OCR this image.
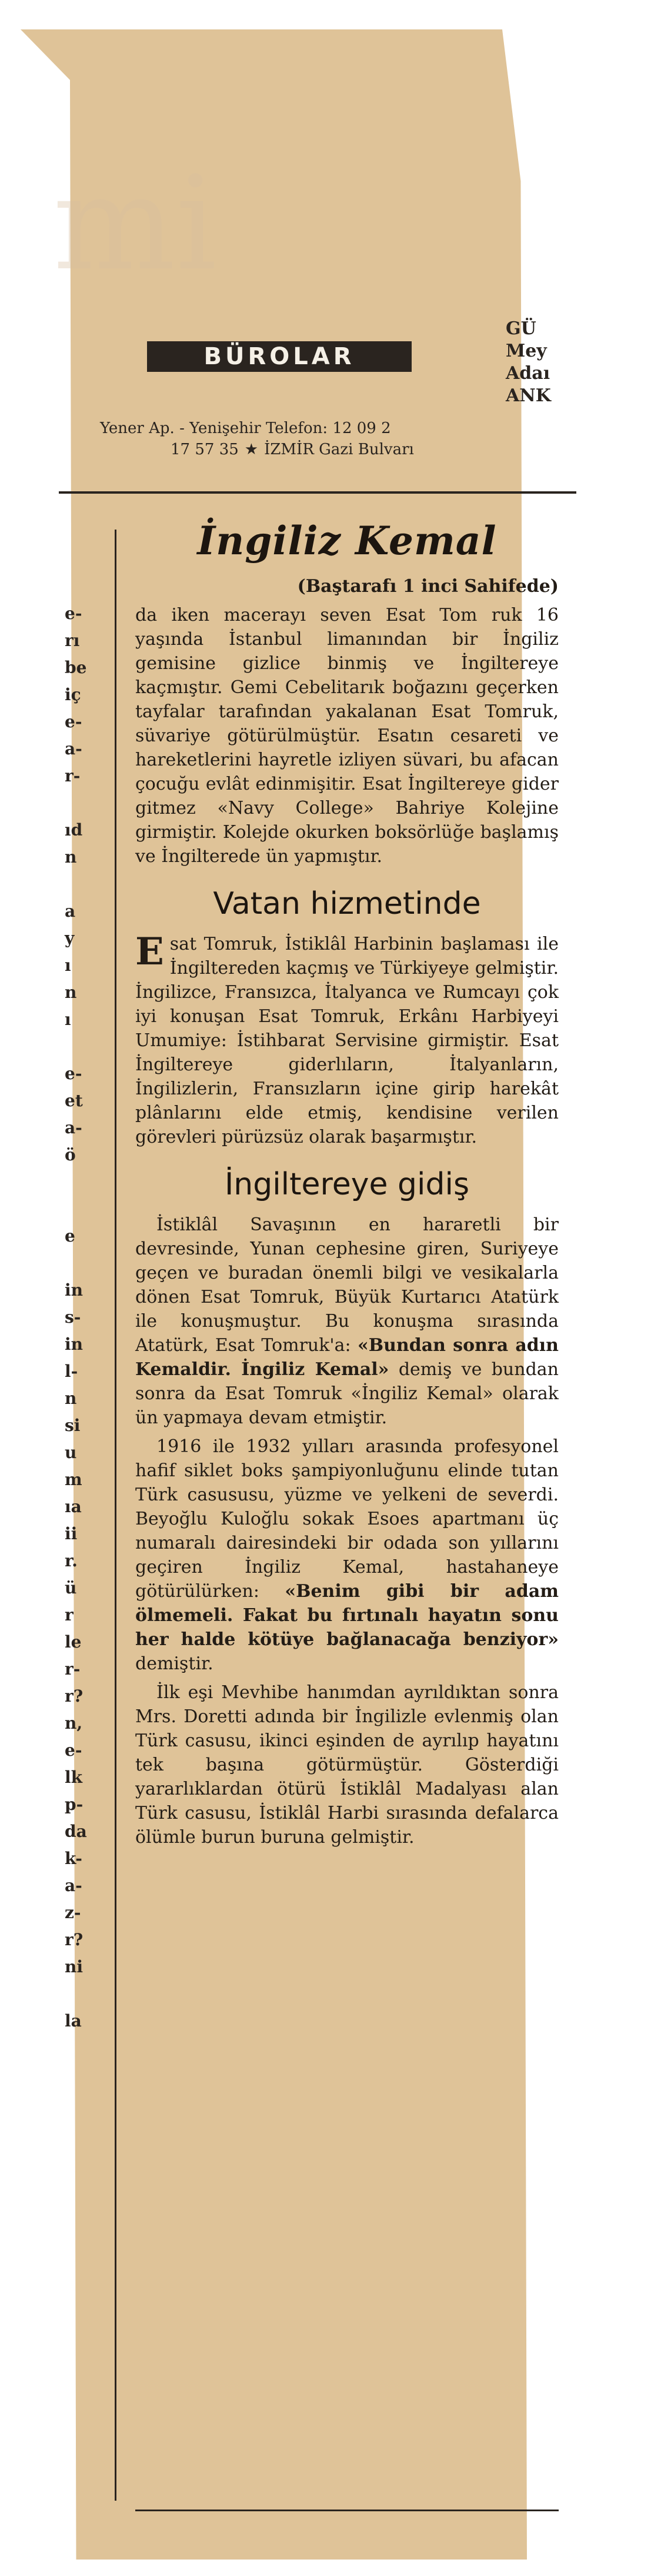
mi
BÜROLAR
GÜ
Mey
Adaı
ANK
Yener Ap. - Yenişehir Telefon: 12 09 2
17 57 35 ★ İZMİR Gazi Bulvarı
e-
rı
be
iç
e-
a-
r-

ıd
n

a
y
ı
n
ı

e-
et
a-
ö

e

in
s-
in
l-
n
si
u
m
ıa
ii
r.
ü
r
le
r-
r?
n,
e-
lk
p-
da
k-
a-
z-
r?
ni

la
İngiliz Kemal
(Baştarafı 1 inci Sahifede)

da iken macerayı seven Esat Tom ruk 16 yaşında İstanbul limanından bir İngiliz gemisine gizlice binmiş ve İngiltereye kaçmıştır. Gemi Cebelitarık boğazını geçerken tayfalar tarafından yakalanan Esat Tomruk, süvariye götürülmüştür. Esatın cesareti ve hareketlerini hayretle izliyen süvari, bu afacan çocuğu evlât edinmişitir. Esat İngiltereye gider gitmez «Navy College» Bahriye Kolejine girmiştir. Kolejde okurken boksörlüğe başlamış ve İngilterede ün yapmıştır.

Vatan hizmetinde

Esat Tomruk, İstiklâl Harbinin başlaması ile İngiltereden kaçmış ve Türkiyeye gelmiştir. İngilizce, Fransızca, İtalyanca ve Rumcayı çok iyi konuşan Esat Tomruk, Erkânı Harbiyeyi Umumiye: İstihbarat Servisine girmiştir. Esat İngiltereye giderlıların, İtalyanların, İngilizlerin, Fransızların içine girip harekât plânlarını elde etmiş, kendisine verilen görevleri pürüzsüz olarak başarmıştır.

İngiltereye gidiş

İstiklâl Savaşının en hararetli bir devresinde, Yunan cephesine giren, Suriyeye geçen ve buradan önemli bilgi ve vesikalarla dönen Esat Tomruk, Büyük Kurtarıcı Atatürk ile konuşmuştur. Bu konuşma sırasında Atatürk, Esat Tomruk'a: «Bundan sonra adın Kemaldir. İngiliz Kemal» demiş ve bundan sonra da Esat Tomruk «İngiliz Kemal» olarak ün yapmaya devam etmiştir.

1916 ile 1932 yılları arasında profesyonel hafif siklet boks şampiyonluğunu elinde tutan Türk casususu, yüzme ve yelkeni de severdi. Beyoğlu Kuloğlu sokak Esoes apartmanı üç numaralı dairesindeki bir odada son yıllarını geçiren İngiliz Kemal, hastahaneye götürülürken: «Benim gibi bir adam ölmemeli. Fakat bu fırtınalı hayatın sonu her halde kötüye bağlanacağa benziyor» demiştir.

İlk eşi Mevhibe hanımdan ayrıldıktan sonra Mrs. Doretti adında bir İngilizle evlenmiş olan Türk casusu, ikinci eşinden de ayrılıp hayatını tek başına götürmüştür. Gösterdiği yararlıklardan ötürü İstiklâl Madalyası alan Türk casusu, İstiklâl Harbi sırasında defalarca ölümle burun buruna gelmiştir.
